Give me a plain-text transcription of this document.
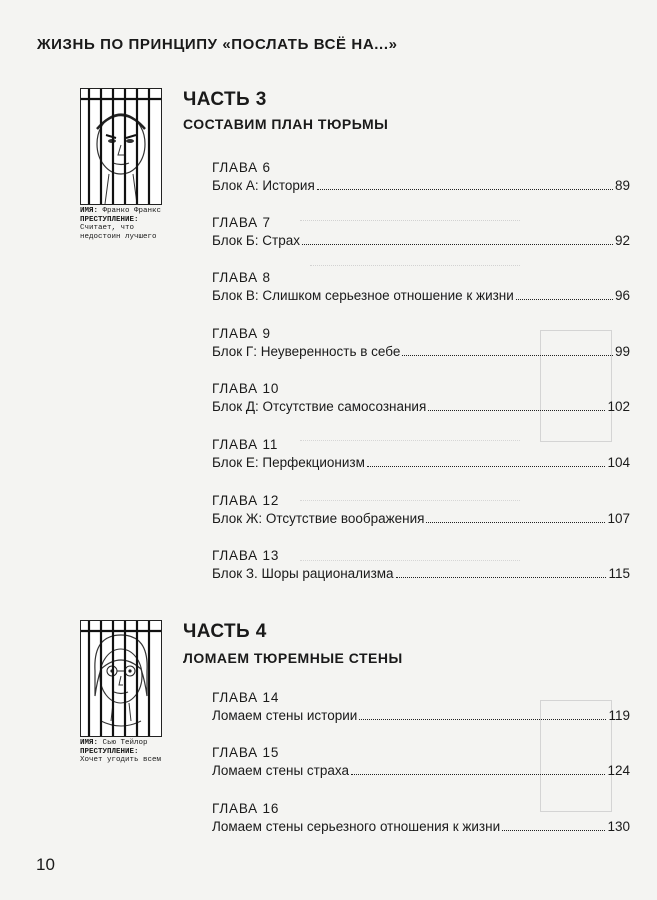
ЖИЗНЬ ПО ПРИНЦИПУ «ПОСЛАТЬ ВСЁ НА...»
ИМЯ: Франко Франкс
ПРЕСТУПЛЕНИЕ:
Считает, что недостоин лучшего
ЧАСТЬ 3
СОСТАВИМ ПЛАН ТЮРЬМЫ
ГЛАВА 6
Блок А: История	89
ГЛАВА 7
Блок Б: Страх	92
ГЛАВА 8
Блок В: Слишком серьезное отношение к жизни	96
ГЛАВА 9
Блок Г: Неуверенность в себе	99
ГЛАВА 10
Блок Д: Отсутствие самосознания	102
ГЛАВА 11
Блок Е: Перфекционизм	104
ГЛАВА 12
Блок Ж: Отсутствие воображения	107
ГЛАВА 13
Блок З. Шоры рационализма	115
ИМЯ: Сью Тейлор
ПРЕСТУПЛЕНИЕ:
Хочет угодить всем
ЧАСТЬ 4
ЛОМАЕМ ТЮРЕМНЫЕ СТЕНЫ
ГЛАВА 14
Ломаем стены истории	119
ГЛАВА 15
Ломаем стены страха	124
ГЛАВА 16
Ломаем стены серьезного отношения к жизни	130
10
